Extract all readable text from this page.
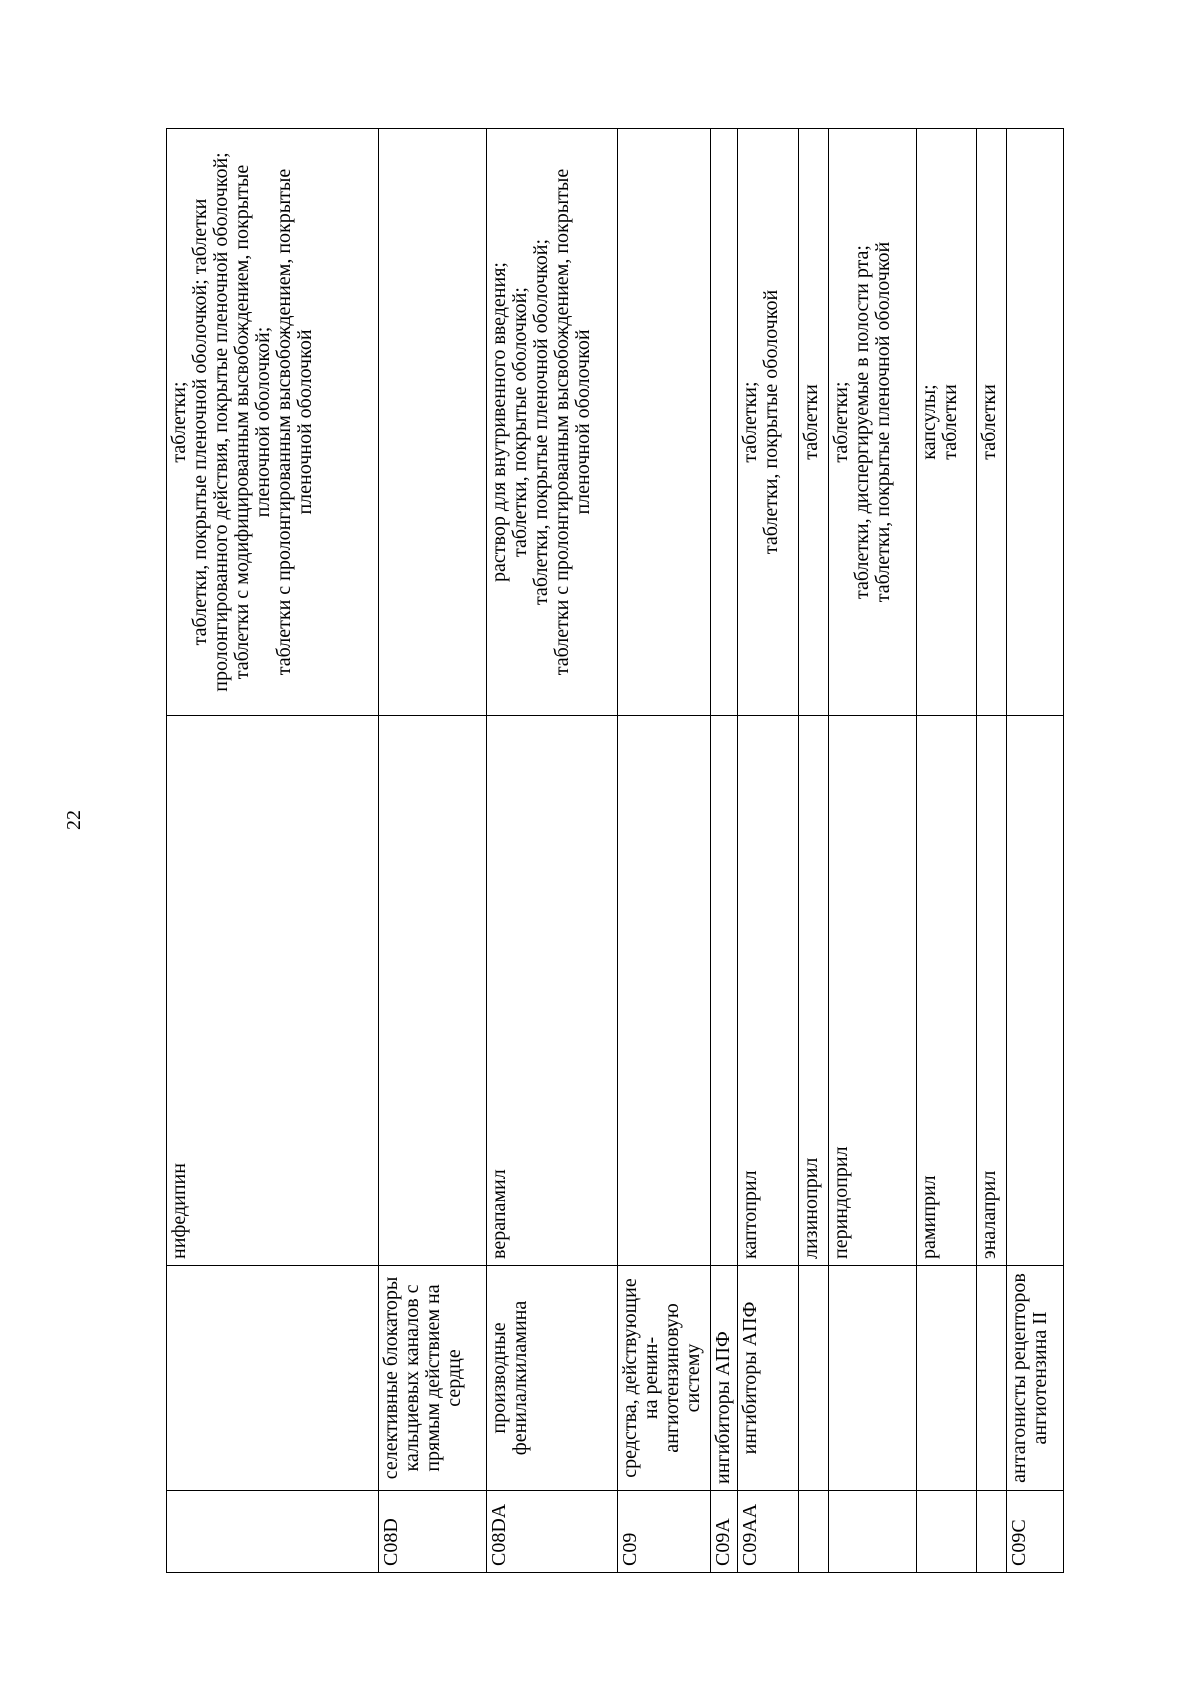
22
		нифедипин	таблетки; таблетки, покрытые пленочной оболочкой; таблетки пролонгированного действия, покрытые пленочной оболочкой; таблетки с модифицированным высвобождением, покрытые пленочной оболочкой; таблетки с пролонгированным высвобождением, покрытые пленочной оболочкой

C08D	селективные блокаторы кальциевых каналов с прямым действием на сердце		
C08DA	производные фенилалкиламина	верапамил	раствор для внутривенного введения; таблетки, покрытые оболочкой; таблетки, покрытые пленочной оболочкой; таблетки с пролонгированным высвобождением, покрытые пленочной оболочкой

C09	средства, действующие на ренин-ангиотензиновую систему		
C09A	ингибиторы АПФ		
C09AA	ингибиторы АПФ	каптоприл	таблетки; таблетки, покрытые оболочкой

		лизиноприл	таблетки

		периндоприл	таблетки; таблетки, диспергируемые в полости рта; таблетки, покрытые пленочной оболочкой

		рамиприл	капсулы; таблетки

		эналаприл	таблетки

C09C	антагонисты рецепторов ангиотензина II		
